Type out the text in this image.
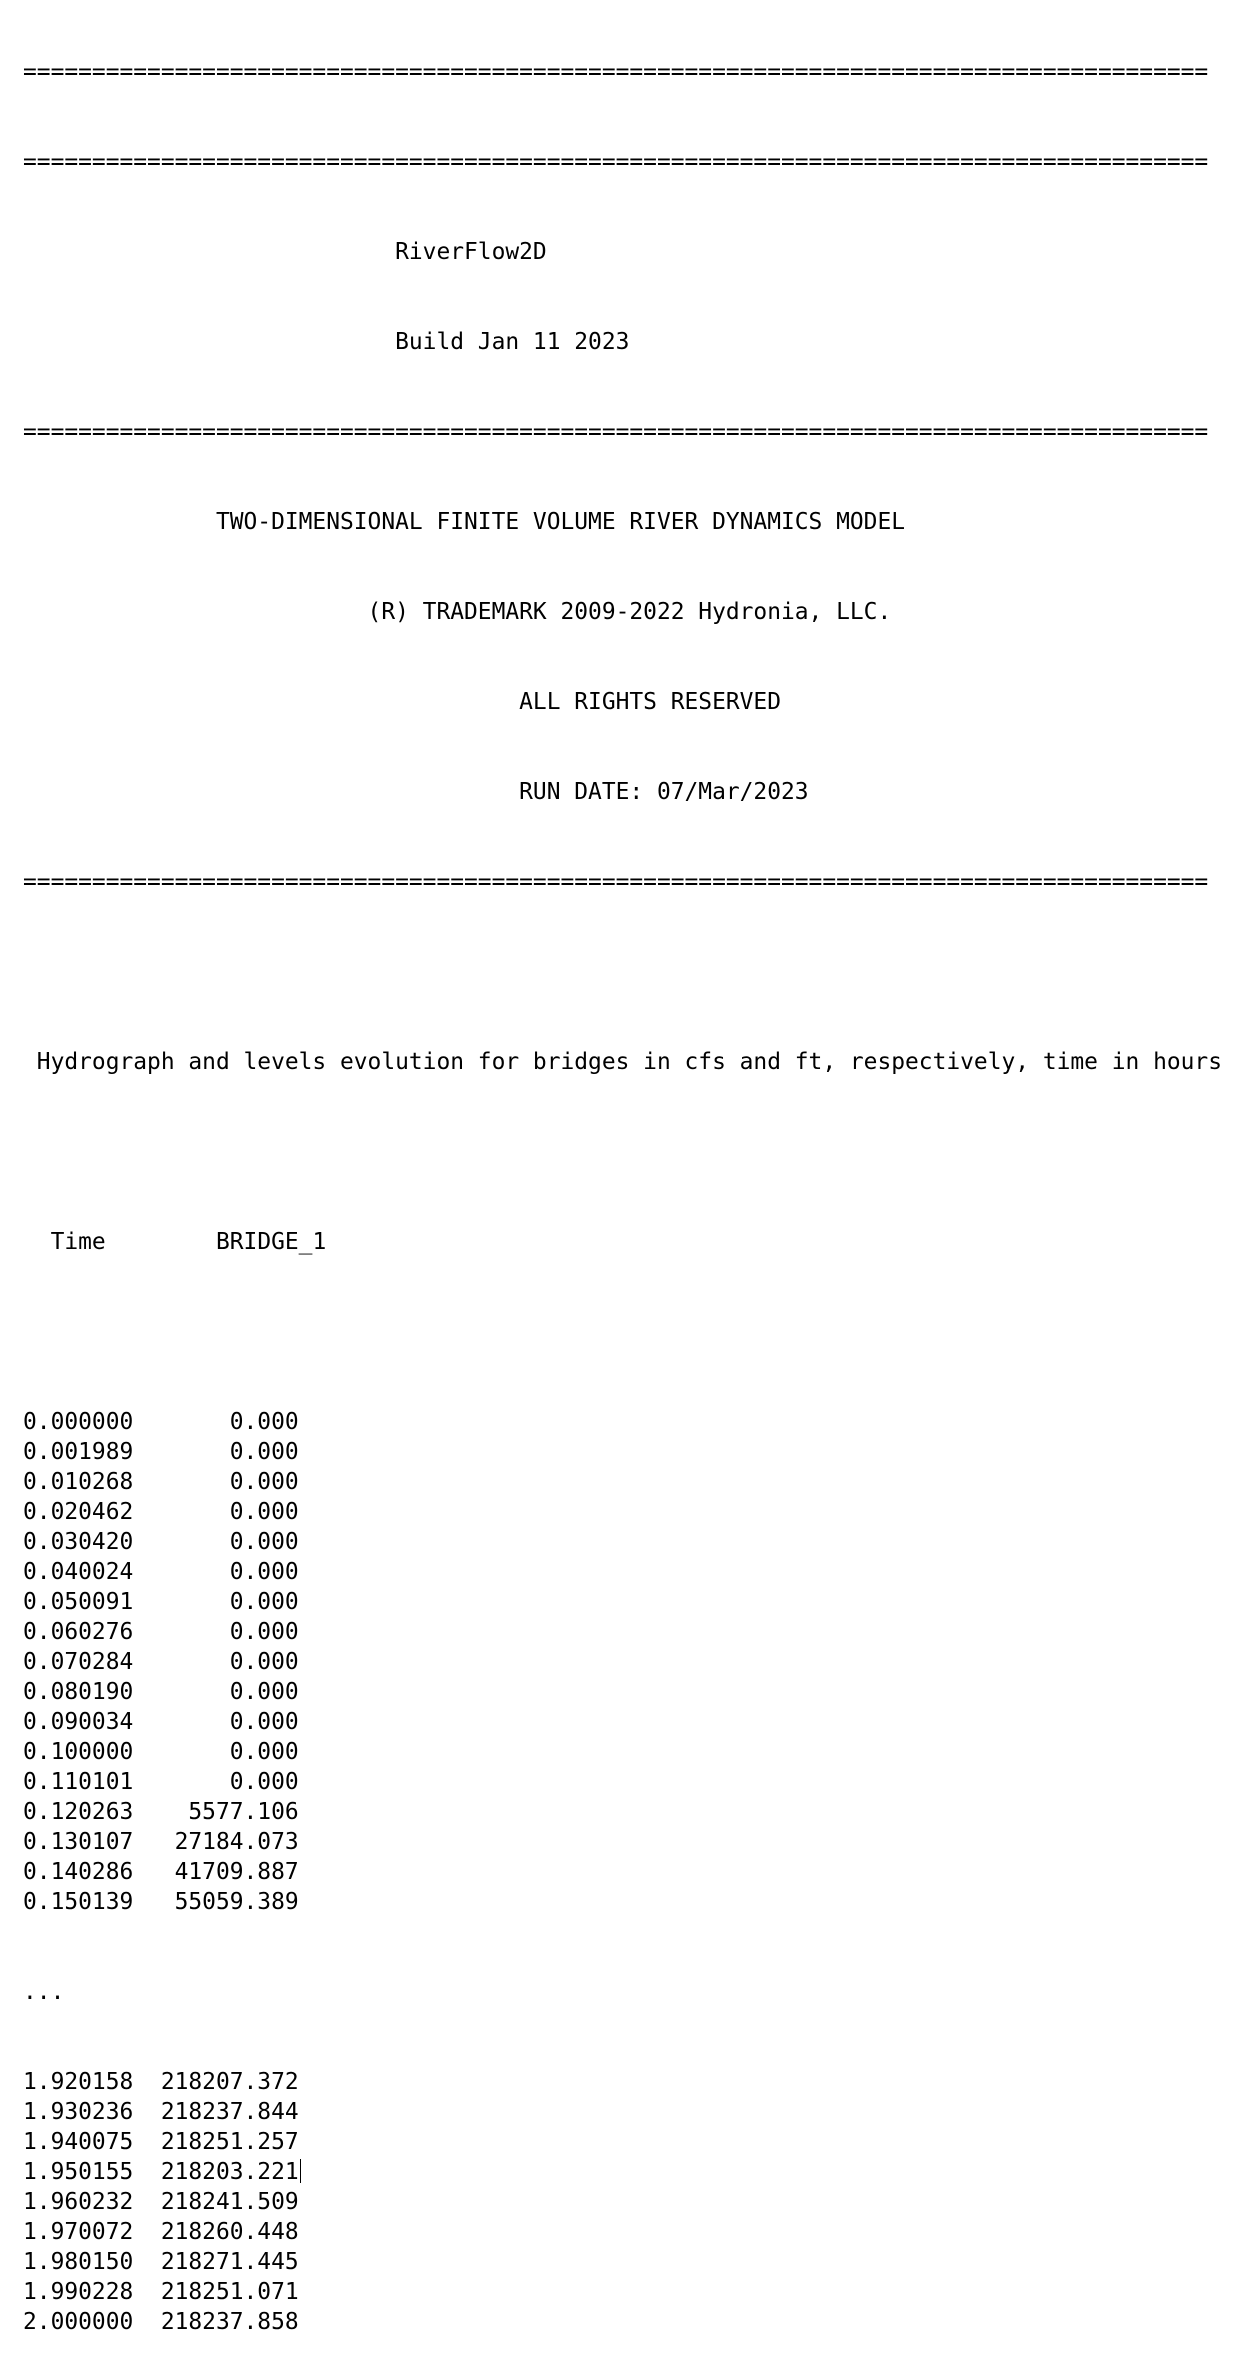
======================================================================================

======================================================================================

RiverFlow2D

Build Jan 11 2023

======================================================================================

TWO-DIMENSIONAL FINITE VOLUME RIVER DYNAMICS MODEL

(R) TRADEMARK 2009-2022 Hydronia, LLC.

ALL RIGHTS RESERVED

RUN DATE: 07/Mar/2023

======================================================================================

Hydrograph and levels evolution for bridges in cfs and ft, respectively, time in hours

Time	BRIDGE_1

0.000000       0.000
0.001989       0.000
0.010268       0.000
0.020462       0.000
0.030420       0.000
0.040024       0.000
0.050091       0.000
0.060276       0.000
0.070284       0.000
0.080190       0.000
0.090034       0.000
0.100000       0.000
0.110101       0.000
0.120263    5577.106
0.130107   27184.073
0.140286   41709.887
0.150139   55059.389

...

1.920158  218207.372
1.930236  218237.844
1.940075  218251.257
1.950155  218203.221
1.960232  218241.509
1.970072  218260.448
1.980150  218271.445
1.990228  218251.071
2.000000  218237.858
